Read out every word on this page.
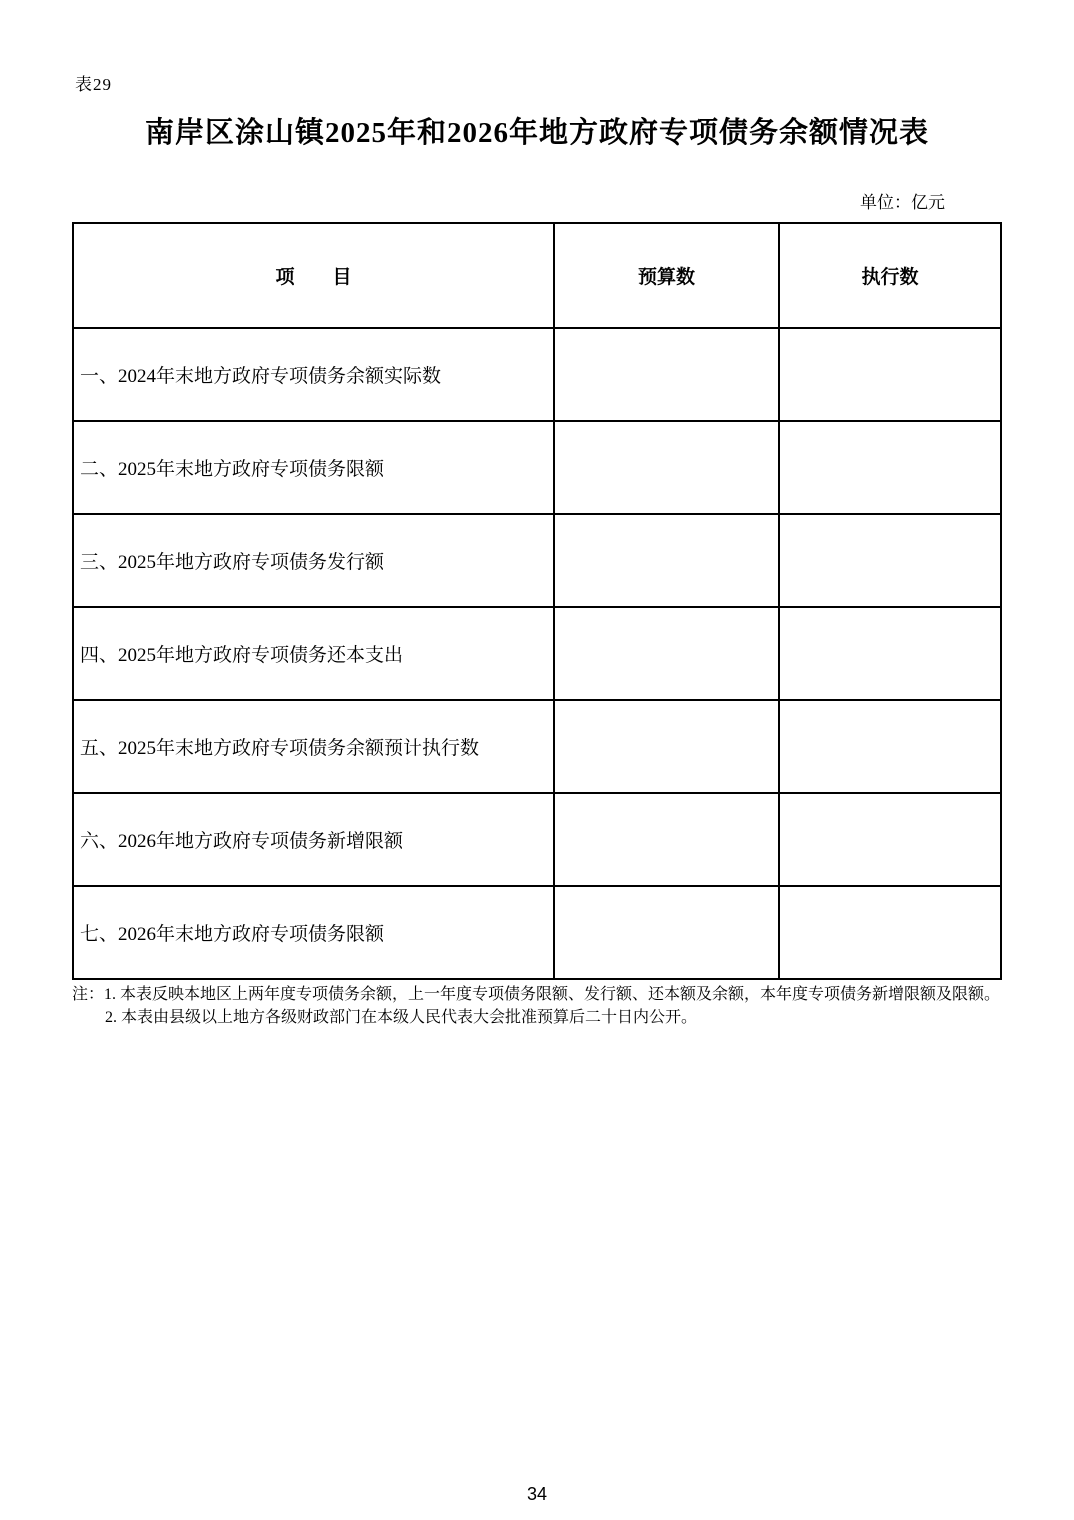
表29
南岸区涂山镇2025年和2026年地方政府专项债务余额情况表
单位：亿元
项　　目	预算数	执行数
一、2024年末地方政府专项债务余额实际数		
二、2025年末地方政府专项债务限额		
三、2025年地方政府专项债务发行额		
四、2025年地方政府专项债务还本支出		
五、2025年末地方政府专项债务余额预计执行数		
六、2026年地方政府专项债务新增限额		
七、2026年末地方政府专项债务限额		

注：1. 本表反映本地区上两年度专项债务余额，上一年度专项债务限额、发行额、还本额及余额，本年度专项债务新增限额及限额。

2. 本表由县级以上地方各级财政部门在本级人民代表大会批准预算后二十日内公开。

34
